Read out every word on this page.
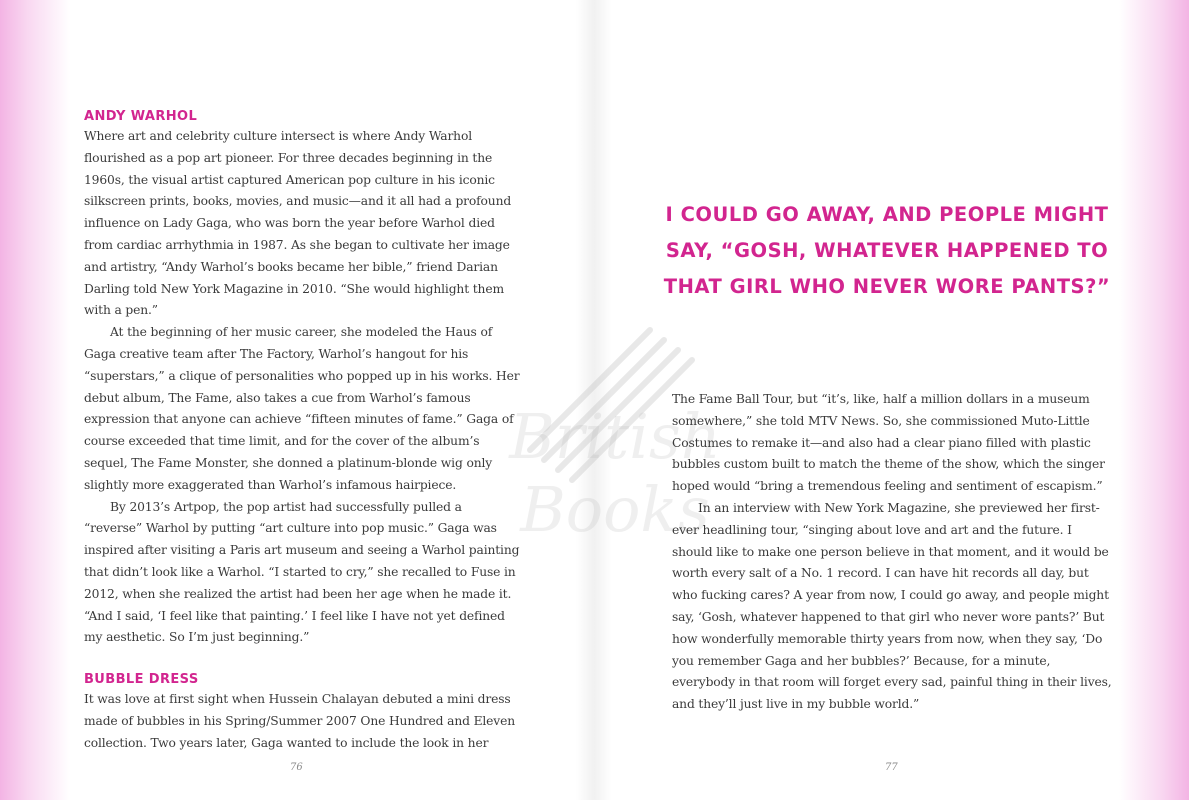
British Books
ANDY WARHOL

Where art and celebrity culture intersect is where Andy Warhol flourished as a pop art pioneer. For three decades beginning in the 1960s, the visual artist captured American pop culture in his iconic silkscreen prints, books, movies, and music—and it all had a profound influence on Lady Gaga, who was born the year before Warhol died from cardiac arrhythmia in 1987. As she began to cultivate her image and artistry, “Andy Warhol’s books became her bible,” friend Darian Darling told New York Magazine in 2010. “She would highlight them with a pen.”

At the beginning of her music career, she modeled the Haus of Gaga creative team after The Factory, Warhol’s hangout for his “superstars,” a clique of personalities who popped up in his works. Her debut album, The Fame, also takes a cue from Warhol’s famous expression that anyone can achieve “fifteen minutes of fame.” Gaga of course exceeded that time limit, and for the cover of the album’s sequel, The Fame Monster, she donned a platinum-blonde wig only slightly more exaggerated than Warhol’s infamous hairpiece.

By 2013’s Artpop, the pop artist had successfully pulled a “reverse” Warhol by putting “art culture into pop music.” Gaga was inspired after visiting a Paris art museum and seeing a Warhol painting that didn’t look like a Warhol. “I started to cry,” she recalled to Fuse in 2012, when she realized the artist had been her age when he made it. “And I said, ‘I feel like that painting.’ I feel like I have not yet defined my aesthetic. So I’m just beginning.”

BUBBLE DRESS

It was love at first sight when Hussein Chalayan debuted a mini dress made of bubbles in his Spring/Summer 2007 One Hundred and Eleven collection. Two years later, Gaga wanted to include the look in her

I COULD GO AWAY, AND PEOPLE MIGHT SAY, “GOSH, WHATEVER HAPPENED TO THAT GIRL WHO NEVER WORE PANTS?”

The Fame Ball Tour, but “it’s, like, half a million dollars in a museum somewhere,” she told MTV News. So, she commissioned Muto-Little Costumes to remake it—and also had a clear piano filled with plastic bubbles custom built to match the theme of the show, which the singer hoped would “bring a tremendous feeling and sentiment of escapism.”

In an interview with New York Magazine, she previewed her first-ever headlining tour, “singing about love and art and the future. I should like to make one person believe in that moment, and it would be worth every salt of a No. 1 record. I can have hit records all day, but who fucking cares? A year from now, I could go away, and people might say, ‘Gosh, whatever happened to that girl who never wore pants?’ But how wonderfully memorable thirty years from now, when they say, ‘Do you remember Gaga and her bubbles?’ Because, for a minute, everybody in that room will forget every sad, painful thing in their lives, and they’ll just live in my bubble world.”

76	77
